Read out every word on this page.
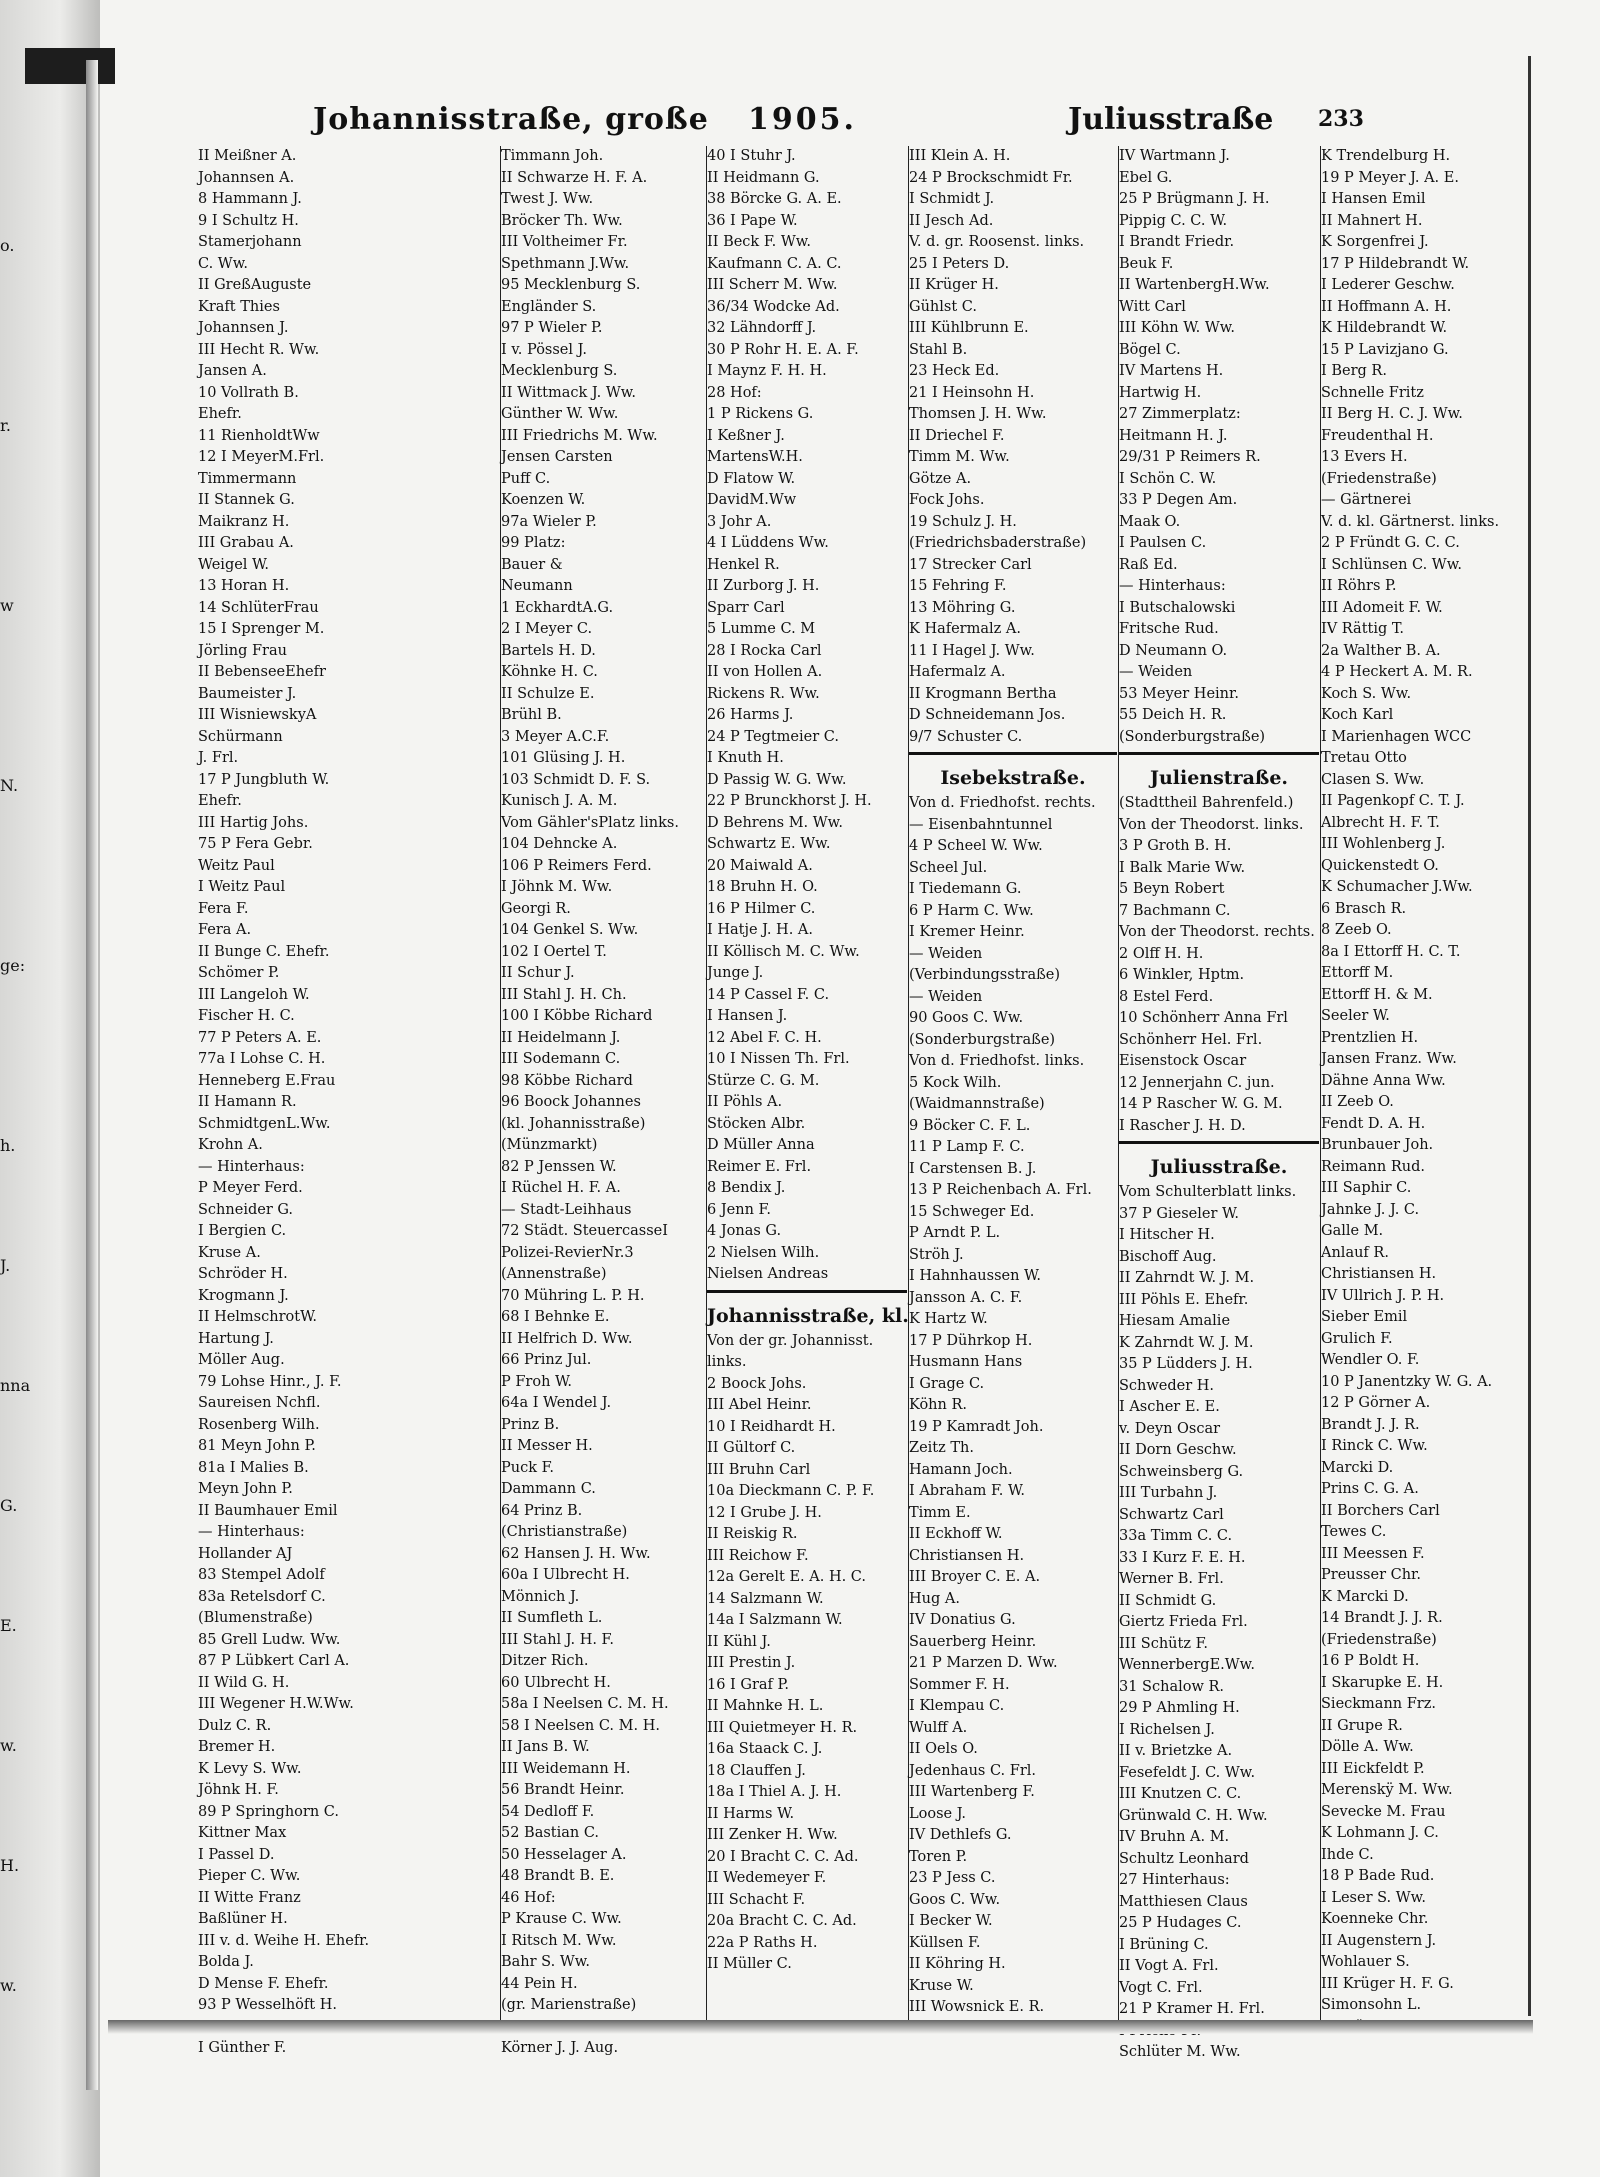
o.
r.
w
N.
ge:
h.
J.
nna
G.
E.
w.
H.
w.
Johannisstraße, große 1905.	Juliusstraße 233
II Meißner A.
Johannsen A.
8 Hammann J.
9 I Schultz H.
Stamerjohann
C. Ww.
II GreßAuguste
Kraft Thies
Johannsen J.
III Hecht R. Ww.
Jansen A.
10 Vollrath B.
Ehefr.
11 RienholdtWw
12 I MeyerM.Frl.
Timmermann
II Stannek G.
Maikranz H.
III Grabau A.
Weigel W.
13 Horan H.
14 SchlüterFrau
15 I Sprenger M.
Jörling Frau
II BebenseeEhefr
Baumeister J.
III WisniewskyA
Schürmann
J. Frl.
17 P Jungbluth W.
Ehefr.
III Hartig Johs.
75 P Fera Gebr.
Weitz Paul
I Weitz Paul
Fera F.
Fera A.
II Bunge C. Ehefr.
Schömer P.
III Langeloh W.
Fischer H. C.
77 P Peters A. E.
77a I Lohse C. H.
Henneberg E.Frau
II Hamann R.
SchmidtgenL.Ww.
Krohn A.
— Hinterhaus:
P Meyer Ferd.
Schneider G.
I Bergien C.
Kruse A.
Schröder H.
Krogmann J.
II HelmschrotW.
Hartung J.
Möller Aug.
79 Lohse Hinr., J. F.
Saureisen Nchfl.
Rosenberg Wilh.
81 Meyn John P.
81a I Malies B.
Meyn John P.
II Baumhauer Emil
— Hinterhaus:
Hollander AJ
83 Stempel Adolf
83a Retelsdorf C.
(Blumenstraße)
85 Grell Ludw. Ww.
87 P Lübkert Carl A.
II Wild G. H.
III Wegener H.W.Ww.
Dulz C. R.
Bremer H.
K Levy S. Ww.
Jöhnk H. F.
89 P Springhorn C.
Kittner Max
I Passel D.
Pieper C. Ww.
II Witte Franz
Baßlüner H.
III v. d. Weihe H. Ehefr.
Bolda J.
D Mense F. Ehefr.
93 P Wesselhöft H.
I Günther F.
Timmann Joh.
II Schwarze H. F. A.
Twest J. Ww.
Bröcker Th. Ww.
III Voltheimer Fr.
Spethmann J.Ww.
95 Mecklenburg S.
Engländer S.
97 P Wieler P.
I v. Pössel J.
Mecklenburg S.
II Wittmack J. Ww.
Günther W. Ww.
III Friedrichs M. Ww.
Jensen Carsten
Puff C.
Koenzen W.
97a Wieler P.
99 Platz:
Bauer &
Neumann
1 EckhardtA.G.
2 I Meyer C.
Bartels H. D.
Köhnke H. C.
II Schulze E.
Brühl B.
3 Meyer A.C.F.
101 Glüsing J. H.
103 Schmidt D. F. S.
Kunisch J. A. M.
Vom Gähler'sPlatz links.
104 Dehncke A.
106 P Reimers Ferd.
I Jöhnk M. Ww.
Georgi R.
104 Genkel S. Ww.
102 I Oertel T.
II Schur J.
III Stahl J. H. Ch.
100 I Köbbe Richard
II Heidelmann J.
III Sodemann C.
98 Köbbe Richard
96 Boock Johannes
(kl. Johannisstraße)
(Münzmarkt)
82 P Jenssen W.
I Rüchel H. F. A.
— Stadt-Leihhaus
72 Städt. SteuercasseI
Polizei-RevierNr.3
(Annenstraße)
70 Mühring L. P. H.
68 I Behnke E.
II Helfrich D. Ww.
66 Prinz Jul.
P Froh W.
64a I Wendel J.
Prinz B.
II Messer H.
Puck F.
Dammann C.
64 Prinz B.
(Christianstraße)
62 Hansen J. H. Ww.
60a I Ulbrecht H.
Mönnich J.
II Sumfleth L.
III Stahl J. H. F.
Ditzer Rich.
60 Ulbrecht H.
58a I Neelsen C. M. H.
58 I Neelsen C. M. H.
II Jans B. W.
III Weidemann H.
56 Brandt Heinr.
54 Dedloff F.
52 Bastian C.
50 Hesselager A.
48 Brandt B. E.
46 Hof:
P Krause C. Ww.
I Ritsch M. Ww.
Bahr S. Ww.
44 Pein H.
(gr. Marienstraße)
Körner J. J. Aug.
40 I Stuhr J.
II Heidmann G.
38 Börcke G. A. E.
36 I Pape W.
II Beck F. Ww.
Kaufmann C. A. C.
III Scherr M. Ww.
36/34 Wodcke Ad.
32 Lähndorff J.
30 P Rohr H. E. A. F.
I Maynz F. H. H.
28 Hof:
1 P Rickens G.
I Keßner J.
MartensW.H.
D Flatow W.
DavidM.Ww
3 Johr A.
4 I Lüddens Ww.
Henkel R.
II Zurborg J. H.
Sparr Carl
5 Lumme C. M
28 I Rocka Carl
II von Hollen A.
Rickens R. Ww.
26 Harms J.
24 P Tegtmeier C.
I Knuth H.
D Passig W. G. Ww.
22 P Brunckhorst J. H.
D Behrens M. Ww.
Schwartz E. Ww.
20 Maiwald A.
18 Bruhn H. O.
16 P Hilmer C.
I Hatje J. H. A.
II Köllisch M. C. Ww.
Junge J.
14 P Cassel F. C.
I Hansen J.
12 Abel F. C. H.
10 I Nissen Th. Frl.
Stürze C. G. M.
II Pöhls A.
Stöcken Albr.
D Müller Anna
Reimer E. Frl.
8 Bendix J.
6 Jenn F.
4 Jonas G.
2 Nielsen Wilh.
Nielsen Andreas
Johannisstraße, kl.
Von der gr. Johannisst.
links.
2 Boock Johs.
III Abel Heinr.
10 I Reidhardt H.
II Gültorf C.
III Bruhn Carl
10a Dieckmann C. P. F.
12 I Grube J. H.
II Reiskig R.
III Reichow F.
12a Gerelt E. A. H. C.
14 Salzmann W.
14a I Salzmann W.
II Kühl J.
III Prestin J.
16 I Graf P.
II Mahnke H. L.
III Quietmeyer H. R.
16a Staack C. J.
18 Clauffen J.
18a I Thiel A. J. H.
II Harms W.
III Zenker H. Ww.
20 I Bracht C. C. Ad.
II Wedemeyer F.
III Schacht F.
20a Bracht C. C. Ad.
22a P Raths H.
II Müller C.
III Klein A. H.
24 P Brockschmidt Fr.
I Schmidt J.
II Jesch Ad.
V. d. gr. Roosenst. links.
25 I Peters D.
II Krüger H.
Gühlst C.
III Kühlbrunn E.
Stahl B.
23 Heck Ed.
21 I Heinsohn H.
Thomsen J. H. Ww.
II Driechel F.
Timm M. Ww.
Götze A.
Fock Johs.
19 Schulz J. H.
(Friedrichsbaderstraße)
17 Strecker Carl
15 Fehring F.
13 Möhring G.
K Hafermalz A.
11 I Hagel J. Ww.
Hafermalz A.
II Krogmann Bertha
D Schneidemann Jos.
9/7 Schuster C.
Isebekstraße.
Von d. Friedhofst. rechts.
— Eisenbahntunnel
4 P Scheel W. Ww.
Scheel Jul.
I Tiedemann G.
6 P Harm C. Ww.
I Kremer Heinr.
— Weiden
(Verbindungsstraße)
— Weiden
90 Goos C. Ww.
(Sonderburgstraße)
Von d. Friedhofst. links.
5 Kock Wilh.
(Waidmannstraße)
9 Böcker C. F. L.
11 P Lamp F. C.
I Carstensen B. J.
13 P Reichenbach A. Frl.
15 Schweger Ed.
P Arndt P. L.
Ströh J.
I Hahnhaussen W.
Jansson A. C. F.
K Hartz W.
17 P Dührkop H.
Husmann Hans
I Grage C.
Köhn R.
19 P Kamradt Joh.
Zeitz Th.
Hamann Joch.
I Abraham F. W.
Timm E.
II Eckhoff W.
Christiansen H.
III Broyer C. E. A.
Hug A.
IV Donatius G.
Sauerberg Heinr.
21 P Marzen D. Ww.
Sommer F. H.
I Klempau C.
Wulff A.
II Oels O.
Jedenhaus C. Frl.
III Wartenberg F.
Loose J.
IV Dethlefs G.
Toren P.
23 P Jess C.
Goos C. Ww.
I Becker W.
Küllsen F.
II Köhring H.
Kruse W.
III Wowsnick E. R.
IV Wartmann J.
Ebel G.
25 P Brügmann J. H.
Pippig C. C. W.
I Brandt Friedr.
Beuk F.
II WartenbergH.Ww.
Witt Carl
III Köhn W. Ww.
Bögel C.
IV Martens H.
Hartwig H.
27 Zimmerplatz:
Heitmann H. J.
29/31 P Reimers R.
I Schön C. W.
33 P Degen Am.
Maak O.
I Paulsen C.
Raß Ed.
— Hinterhaus:
I Butschalowski
Fritsche Rud.
D Neumann O.
— Weiden
53 Meyer Heinr.
55 Deich H. R.
(Sonderburgstraße)
Julienstraße.
(Stadttheil Bahrenfeld.)
Von der Theodorst. links.
3 P Groth B. H.
I Balk Marie Ww.
5 Beyn Robert
7 Bachmann C.
Von der Theodorst. rechts.
2 Olff H. H.
6 Winkler, Hptm.
8 Estel Ferd.
10 Schönherr Anna Frl
Schönherr Hel. Frl.
Eisenstock Oscar
12 Jennerjahn C. jun.
14 P Rascher W. G. M.
I Rascher J. H. D.
Juliusstraße.
Vom Schulterblatt links.
37 P Gieseler W.
I Hitscher H.
Bischoff Aug.
II Zahrndt W. J. M.
III Pöhls E. Ehefr.
Hiesam Amalie
K Zahrndt W. J. M.
35 P Lüdders J. H.
Schweder H.
I Ascher E. E.
v. Deyn Oscar
II Dorn Geschw.
Schweinsberg G.
III Turbahn J.
Schwartz Carl
33a Timm C. C.
33 I Kurz F. E. H.
Werner B. Frl.
II Schmidt G.
Giertz Frieda Frl.
III Schütz F.
WennerbergE.Ww.
31 Schalow R.
29 P Ahmling H.
I Richelsen J.
II v. Brietzke A.
Fesefeldt J. C. Ww.
III Knutzen C. C.
Grünwald C. H. Ww.
IV Bruhn A. M.
Schultz Leonhard
27 Hinterhaus:
Matthiesen Claus
25 P Hudages C.
I Brüning C.
II Vogt A. Frl.
Vogt C. Frl.
21 P Kramer H. Frl.
Schlüter M. Ww.
K Trendelburg H.
19 P Meyer J. A. E.
I Hansen Emil
II Mahnert H.
K Sorgenfrei J.
17 P Hildebrandt W.
I Lederer Geschw.
II Hoffmann A. H.
K Hildebrandt W.
15 P Lavizjano G.
I Berg R.
Schnelle Fritz
II Berg H. C. J. Ww.
Freudenthal H.
13 Evers H.
(Friedenstraße)
— Gärtnerei
V. d. kl. Gärtnerst. links.
2 P Fründt G. C. C.
I Schlünsen C. Ww.
II Röhrs P.
III Adomeit F. W.
IV Rättig T.
2a Walther B. A.
4 P Heckert A. M. R.
Koch S. Ww.
Koch Karl
I Marienhagen WCC
Tretau Otto
Clasen S. Ww.
II Pagenkopf C. T. J.
Albrecht H. F. T.
III Wohlenberg J.
Quickenstedt O.
K Schumacher J.Ww.
6 Brasch R.
8 Zeeb O.
8a I Ettorff H. C. T.
Ettorff M.
Ettorff H. & M.
Seeler W.
Prentzlien H.
Jansen Franz. Ww.
Dähne Anna Ww.
II Zeeb O.
Fendt D. A. H.
Brunbauer Joh.
Reimann Rud.
III Saphir C.
Jahnke J. J. C.
Galle M.
Anlauf R.
Christiansen H.
IV Ullrich J. P. H.
Sieber Emil
Grulich F.
Wendler O. F.
10 P Janentzky W. G. A.
12 P Görner A.
Brandt J. J. R.
I Rinck C. Ww.
Marcki D.
Prins C. G. A.
II Borchers Carl
Tewes C.
III Meessen F.
Preusser Chr.
K Marcki D.
14 Brandt J. J. R.
(Friedenstraße)
16 P Boldt H.
I Skarupke E. H.
Sieckmann Frz.
II Grupe R.
Dölle A. Ww.
III Eickfeldt P.
Merenskÿ M. Ww.
Sevecke M. Frau
K Lohmann J. C.
Ihde C.
18 P Bade Rud.
I Leser S. Ww.
Koenneke Chr.
II Augenstern J.
Wohlauer S.
III Krüger H. F. G.
Simonsohn L.
